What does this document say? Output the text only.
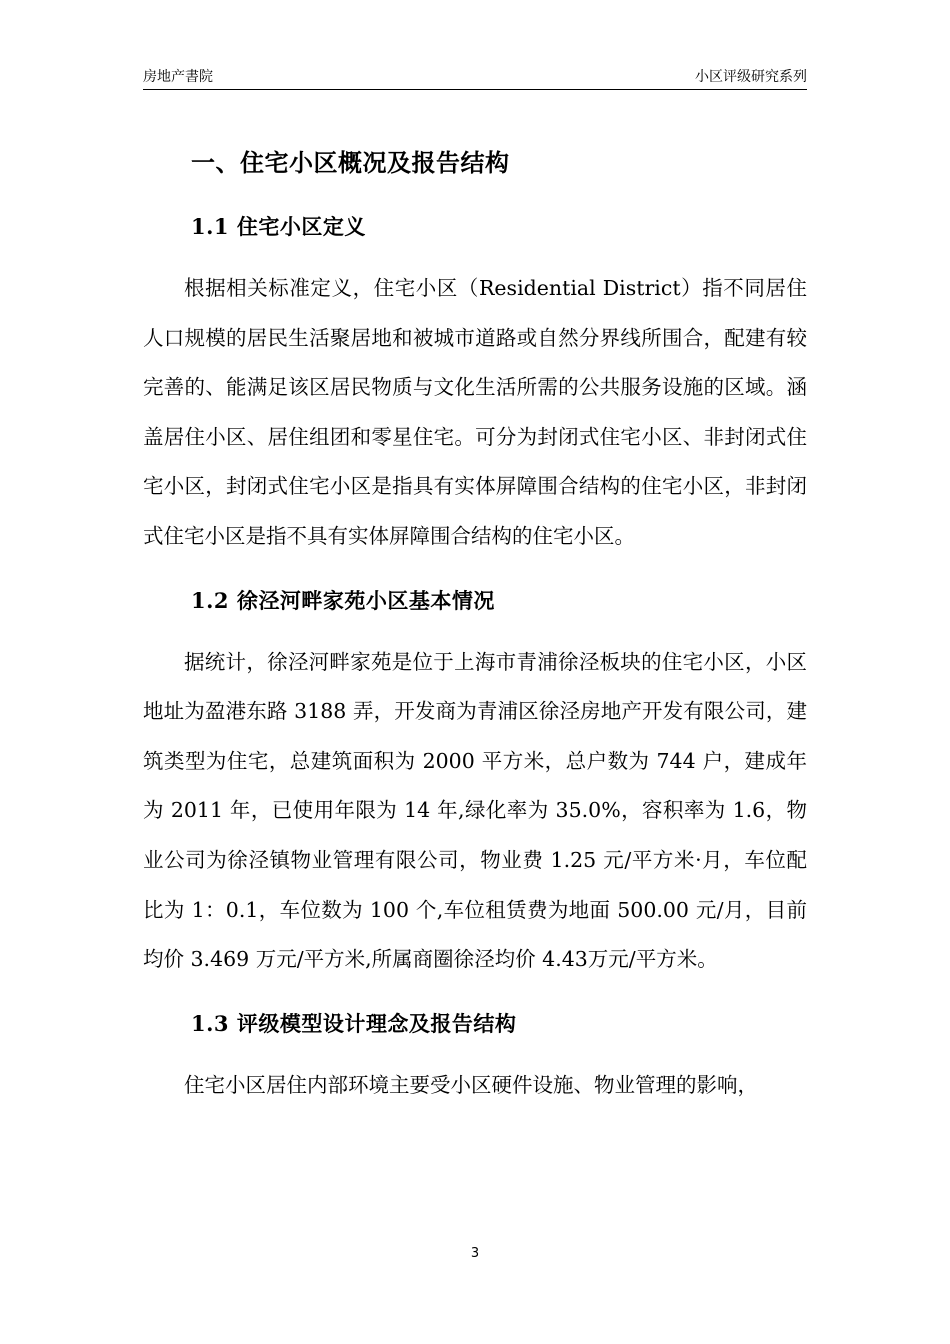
房地产書院	小区评级研究系列
一、住宅小区概况及报告结构
1.1 住宅小区定义

根据相关标准定义，住宅小区（Residential District）指不同居住人口规模的居民生活聚居地和被城市道路或自然分界线所围合，配建有较完善的、能满足该区居民物质与文化生活所需的公共服务设施的区域。涵盖居住小区、居住组团和零星住宅。可分为封闭式住宅小区、非封闭式住宅小区，封闭式住宅小区是指具有实体屏障围合结构的住宅小区，非封闭式住宅小区是指不具有实体屏障围合结构的住宅小区。

1.2 徐泾河畔家苑小区基本情况

据统计，徐泾河畔家苑是位于上海市青浦徐泾板块的住宅小区，小区地址为盈港东路 3188 弄，开发商为青浦区徐泾房地产开发有限公司，建筑类型为住宅，总建筑面积为 2000 平方米，总户数为 744 户，建成年为 2011 年，已使用年限为 14 年,绿化率为 35.0%，容积率为 1.6，物业公司为徐泾镇物业管理有限公司，物业费 1.25 元/平方米·月，车位配比为 1：0.1，车位数为 100 个,车位租赁费为地面 500.00 元/月，目前均价 3.469 万元/平方米,所属商圈徐泾均价 4.43万元/平方米。

1.3 评级模型设计理念及报告结构

住宅小区居住内部环境主要受小区硬件设施、物业管理的影响，

3
